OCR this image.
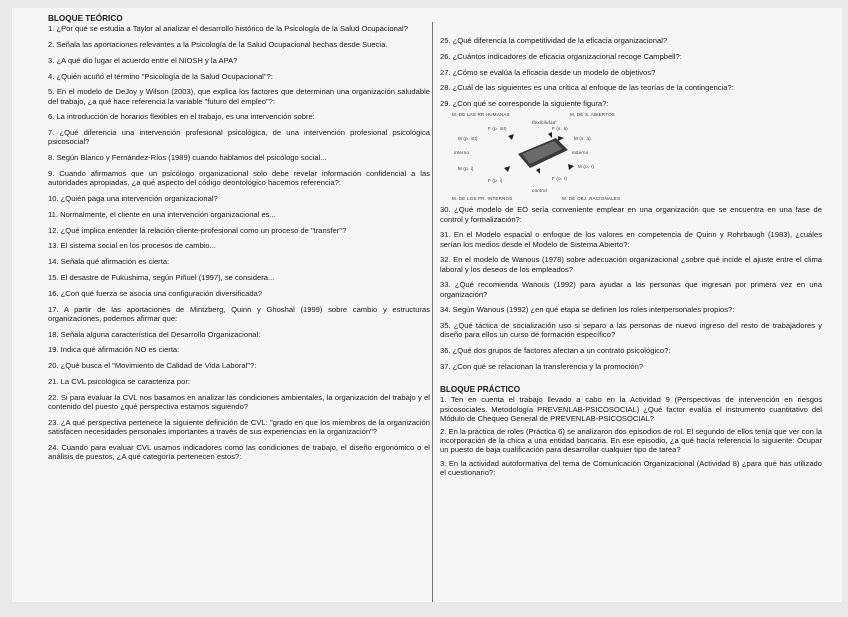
BLOQUE TEÓRICO

1. ¿Por qué se estudia a Taylor al analizar el desarrollo histórico de la Psicología de la Salud Ocupacional?

2. Señala las aportaciones relevantes a la Psicología de la Salud Ocupacional hechas desde Suecia.

3. ¿A qué dio lugar el acuerdo entre el NIOSH y la APA?

4. ¿Quién acuñó el término "Psicología de la Salud Ocupacional"?:

5. En el modelo de DeJoy y Wilson (2003), que explica los factores que determinan una organización saludable del trabajo, ¿a qué hace referencia la variable "futuro del empleo"?:

6. La introducción de horarios flexibles en el trabajo, es una intervención sobre:

7. ¿Qué diferencia una intervención profesional psicológica, de una intervención profesional psicológica psicosocial?

8. Según Blanco y Fernández-Ríos (1989) cuando hablamos del psicólogo social...

9. Cuando afirmamos que un psicólogo organizacional solo debe revelar información confidencial a las autoridades apropiadas, ¿a qué aspecto del código deontológico hacemos referencia?:

10. ¿Quién paga una intervención organizacional?

11. Normalmente, el cliente en una intervención organizacional es...

12. ¿Qué implica entender la relación cliente-profesional como un proceso de "transfer"?

13. El sistema social en los procesos de cambio...

14. Señala qué afirmación es cierta:

15. El desastre de Fukushima, según Piñuel (1997), se considera...

16. ¿Con qué fuerza se asocia una configuración diversificada?

17. A partir de las aportaciones de Mintzberg, Quinn y Ghoshal (1999) sobre cambio y estructuras organizaciones, podemos afirmar que:

18. Señala alguna característica del Desarrollo Organizacional:

19. Indica qué afirmación NO es cierta:

20. ¿Qué busca el "Movimiento de Calidad de Vida Laboral"?:

21. La CVL psicológica se caracteriza por:

22. Si para evaluar la CVL nos basamos en analizar las condiciones ambientales, la organización del trabajo y el contenido del puesto ¿qué perspectiva estamos siguiendo?

23. ¿A qué perspectiva pertenece la siguiente definición de CVL: "grado en que los miembros de la organización satisfacen necesidades personales importantes a través de sus experiencias en la organización"?

24. Cuando para evaluar CVL usamos indicadores como las condiciones de trabajo, el diseño ergonómico o el análisis de puestos, ¿A qué categoría pertenecen estos?:

25. ¿Qué diferencia la competitividad de la eficacia organizacional?

26. ¿Cuántos indicadores de eficacia organizacional recoge Campbell?:

27. ¿Cómo se evalúa la eficacia desde un modelo de objetivos?

28. ¿Cuál de las siguientes es una crítica al enfoque de las teorías de la contingencia?:

29. ¿Con qué se corresponde la siguiente figura?:

M. DE LAS RR HUMANAS	M. DE S. ABIERTOS
flexibilidad
F (p. int)
M (p. int)
F (s. a)
M (s. a)
interno	externo
M (p. i)
F (p. i)
M (o. r)
F (o. r)
control
M. DE LOS PR. INTERNOS	M. DE OBJ. RACIONALES

30. ¿Qué modelo de EO sería conveniente emplear en una organización que se encuentra en una fase de control y formalización?:

31. En el Modelo espacial o enfoque de los valores en competencia de Quinn y Rohrbaugh (1983), ¿cuáles serían los medios desde el Modelo de Sistema Abierto?:

32. En el modelo de Wanous (1978) sobre adecuación organizacional ¿sobre qué incide el ajuste entre el clima laboral y los deseos de los empleados?

33. ¿Qué recomienda Wanous (1992) para ayudar a las personas que ingresan por primera vez en una organización?

34. Según Wanous (1992) ¿en qué etapa se definen los roles interpersonales propios?:

35. ¿Qué táctica de socialización uso si separo a las personas de nuevo ingreso del resto de trabajadores y diseño para ellos un curso de formación específico?

36. ¿Qué dos grupos de factores afectan a un contrato psicológico?:

37. ¿Con qué se relacionan la transferencia y la promoción?

BLOQUE PRÁCTICO

1. Ten en cuenta el trabajo llevado a cabo en la Actividad 9 (Perspectivas de intervención en riesgos psicosociales. Metodología PREVENLAB-PSICOSOCIAL) ¿Qué factor evalúa el instrumento cuantitativo del Módulo de Chequeo General de PREVENLAB-PSICOSOCIAL?

2. En la práctica de roles (Práctica 6) se analizaron dos episodios de rol. El segundo de ellos tenía que ver con la incorporación de la chica a una entidad bancaria. En ese episodio, ¿a qué hacía referencia lo siguiente: Ocupar un puesto de baja cualificación para desarrollar cualquier tipo de tarea?

3. En la actividad autoformativa del tema de Comunicación Organizacional (Actividad 8) ¿para qué has utilizado el cuestionario?:
